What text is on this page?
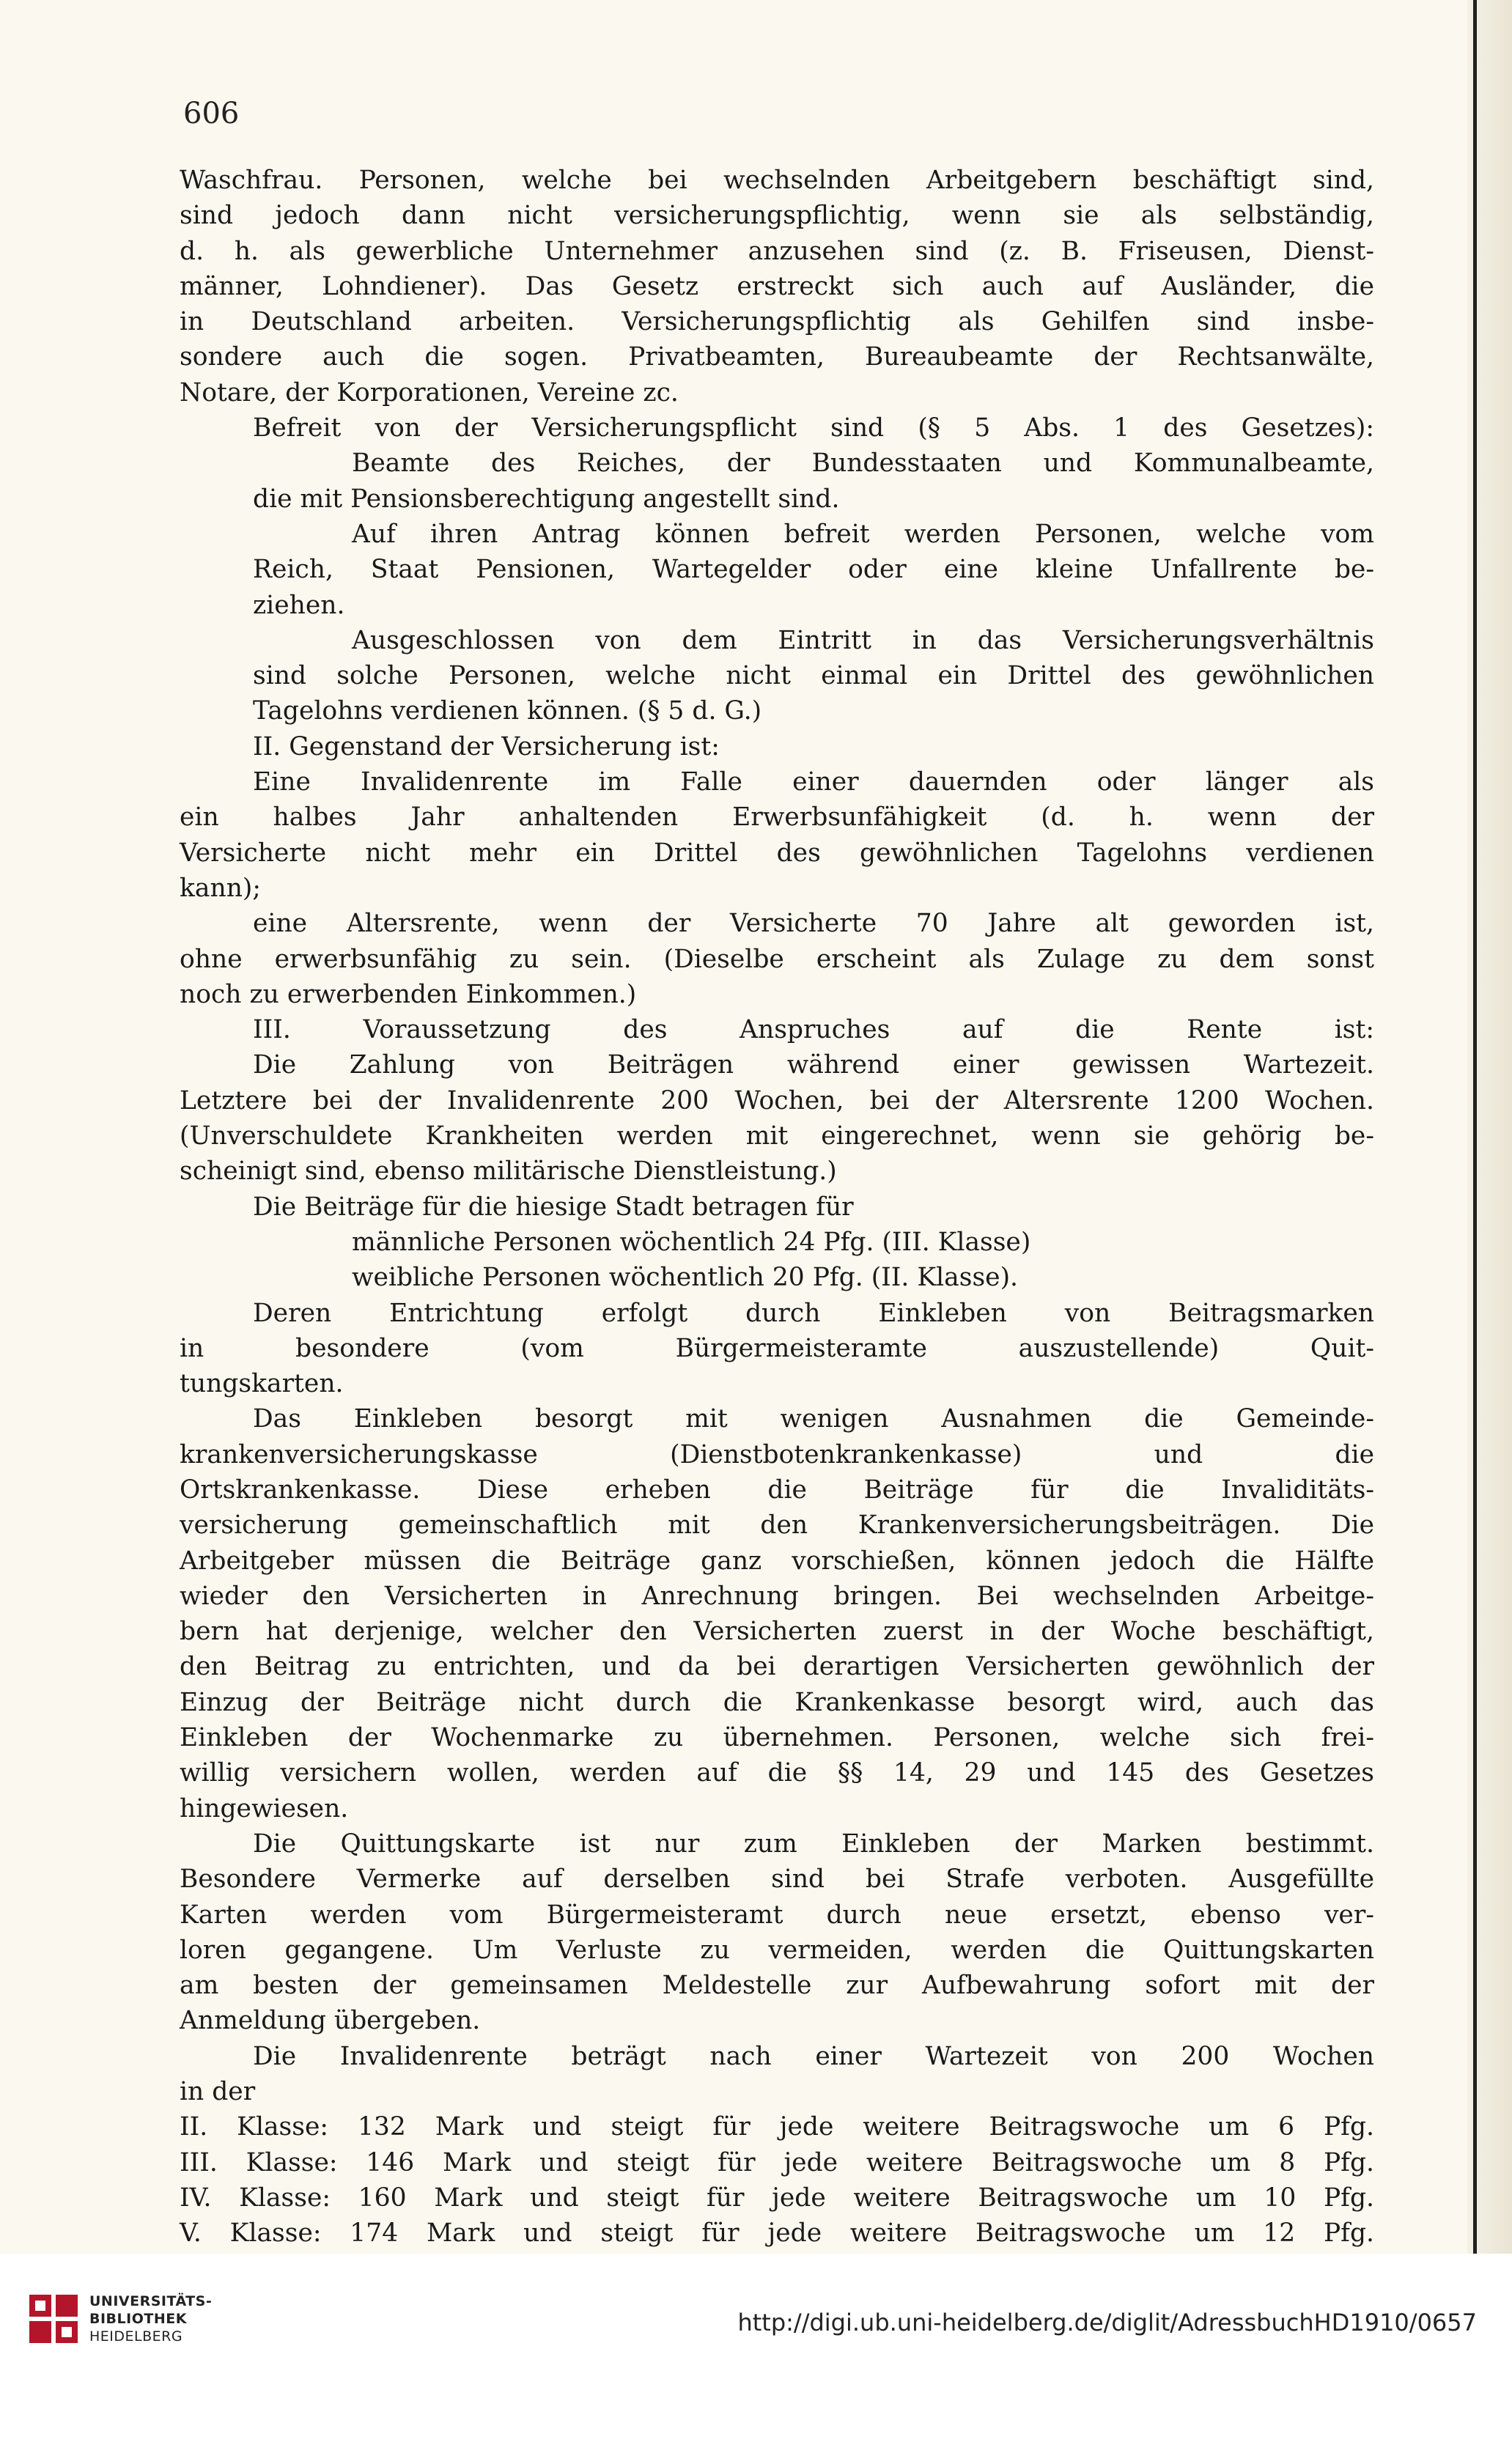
606
Waschfrau. Personen, welche bei wechselnden Arbeitgebern beschäftigt sind,
sind jedoch dann nicht versicherungspflichtig, wenn sie als selbständig,
d. h. als gewerbliche Unternehmer anzusehen sind (z. B. Friseusen, Dienst-
männer, Lohndiener). Das Gesetz erstreckt sich auch auf Ausländer, die
in Deutschland arbeiten. Versicherungspflichtig als Gehilfen sind insbe-
sondere auch die sogen. Privatbeamten, Bureaubeamte der Rechtsanwälte,
Notare, der Korporationen, Vereine zc.
Befreit von der Versicherungspflicht sind (§ 5 Abs. 1 des Gesetzes):
Beamte des Reiches, der Bundesstaaten und Kommunalbeamte,
die mit Pensionsberechtigung angestellt sind.
Auf ihren Antrag können befreit werden Personen, welche vom
Reich, Staat Pensionen, Wartegelder oder eine kleine Unfallrente be-
ziehen.
Ausgeschlossen von dem Eintritt in das Versicherungsverhältnis
sind solche Personen, welche nicht einmal ein Drittel des gewöhnlichen
Tagelohns verdienen können. (§ 5 d. G.)
II. Gegenstand der Versicherung ist:
Eine Invalidenrente im Falle einer dauernden oder länger als
ein halbes Jahr anhaltenden Erwerbsunfähigkeit (d. h. wenn der
Versicherte nicht mehr ein Drittel des gewöhnlichen Tagelohns verdienen
kann);
eine Altersrente, wenn der Versicherte 70 Jahre alt geworden ist,
ohne erwerbsunfähig zu sein. (Dieselbe erscheint als Zulage zu dem sonst
noch zu erwerbenden Einkommen.)
III. Voraussetzung des Anspruches auf die Rente ist:
Die Zahlung von Beiträgen während einer gewissen Wartezeit.
Letztere bei der Invalidenrente 200 Wochen, bei der Altersrente 1200 Wochen.
(Unverschuldete Krankheiten werden mit eingerechnet, wenn sie gehörig be-
scheinigt sind, ebenso militärische Dienstleistung.)
Die Beiträge für die hiesige Stadt betragen für
männliche Personen wöchentlich 24 Pfg. (III. Klasse)
weibliche Personen wöchentlich 20 Pfg. (II. Klasse).
Deren Entrichtung erfolgt durch Einkleben von Beitragsmarken
in besondere (vom Bürgermeisteramte auszustellende) Quit-
tungskarten.
Das Einkleben besorgt mit wenigen Ausnahmen die Gemeinde-
krankenversicherungskasse (Dienstbotenkrankenkasse) und die
Ortskrankenkasse. Diese erheben die Beiträge für die Invaliditäts-
versicherung gemeinschaftlich mit den Krankenversicherungsbeiträgen. Die
Arbeitgeber müssen die Beiträge ganz vorschießen, können jedoch die Hälfte
wieder den Versicherten in Anrechnung bringen. Bei wechselnden Arbeitge-
bern hat derjenige, welcher den Versicherten zuerst in der Woche beschäftigt,
den Beitrag zu entrichten, und da bei derartigen Versicherten gewöhnlich der
Einzug der Beiträge nicht durch die Krankenkasse besorgt wird, auch das
Einkleben der Wochenmarke zu übernehmen. Personen, welche sich frei-
willig versichern wollen, werden auf die §§ 14, 29 und 145 des Gesetzes
hingewiesen.
Die Quittungskarte ist nur zum Einkleben der Marken bestimmt.
Besondere Vermerke auf derselben sind bei Strafe verboten. Ausgefüllte
Karten werden vom Bürgermeisteramt durch neue ersetzt, ebenso ver-
loren gegangene. Um Verluste zu vermeiden, werden die Quittungskarten
am besten der gemeinsamen Meldestelle zur Aufbewahrung sofort mit der
Anmeldung übergeben.
Die Invalidenrente beträgt nach einer Wartezeit von 200 Wochen
in der
II. Klasse: 132 Mark und steigt für jede weitere Beitragswoche um 6 Pfg.
III. Klasse: 146 Mark und steigt für jede weitere Beitragswoche um 8 Pfg.
IV. Klasse: 160 Mark und steigt für jede weitere Beitragswoche um 10 Pfg.
V. Klasse: 174 Mark und steigt für jede weitere Beitragswoche um 12 Pfg.
UNIVERSITÄTS-
BIBLIOTHEK
HEIDELBERG	http://digi.ub.uni-heidelberg.de/diglit/AdressbuchHD1910/0657
